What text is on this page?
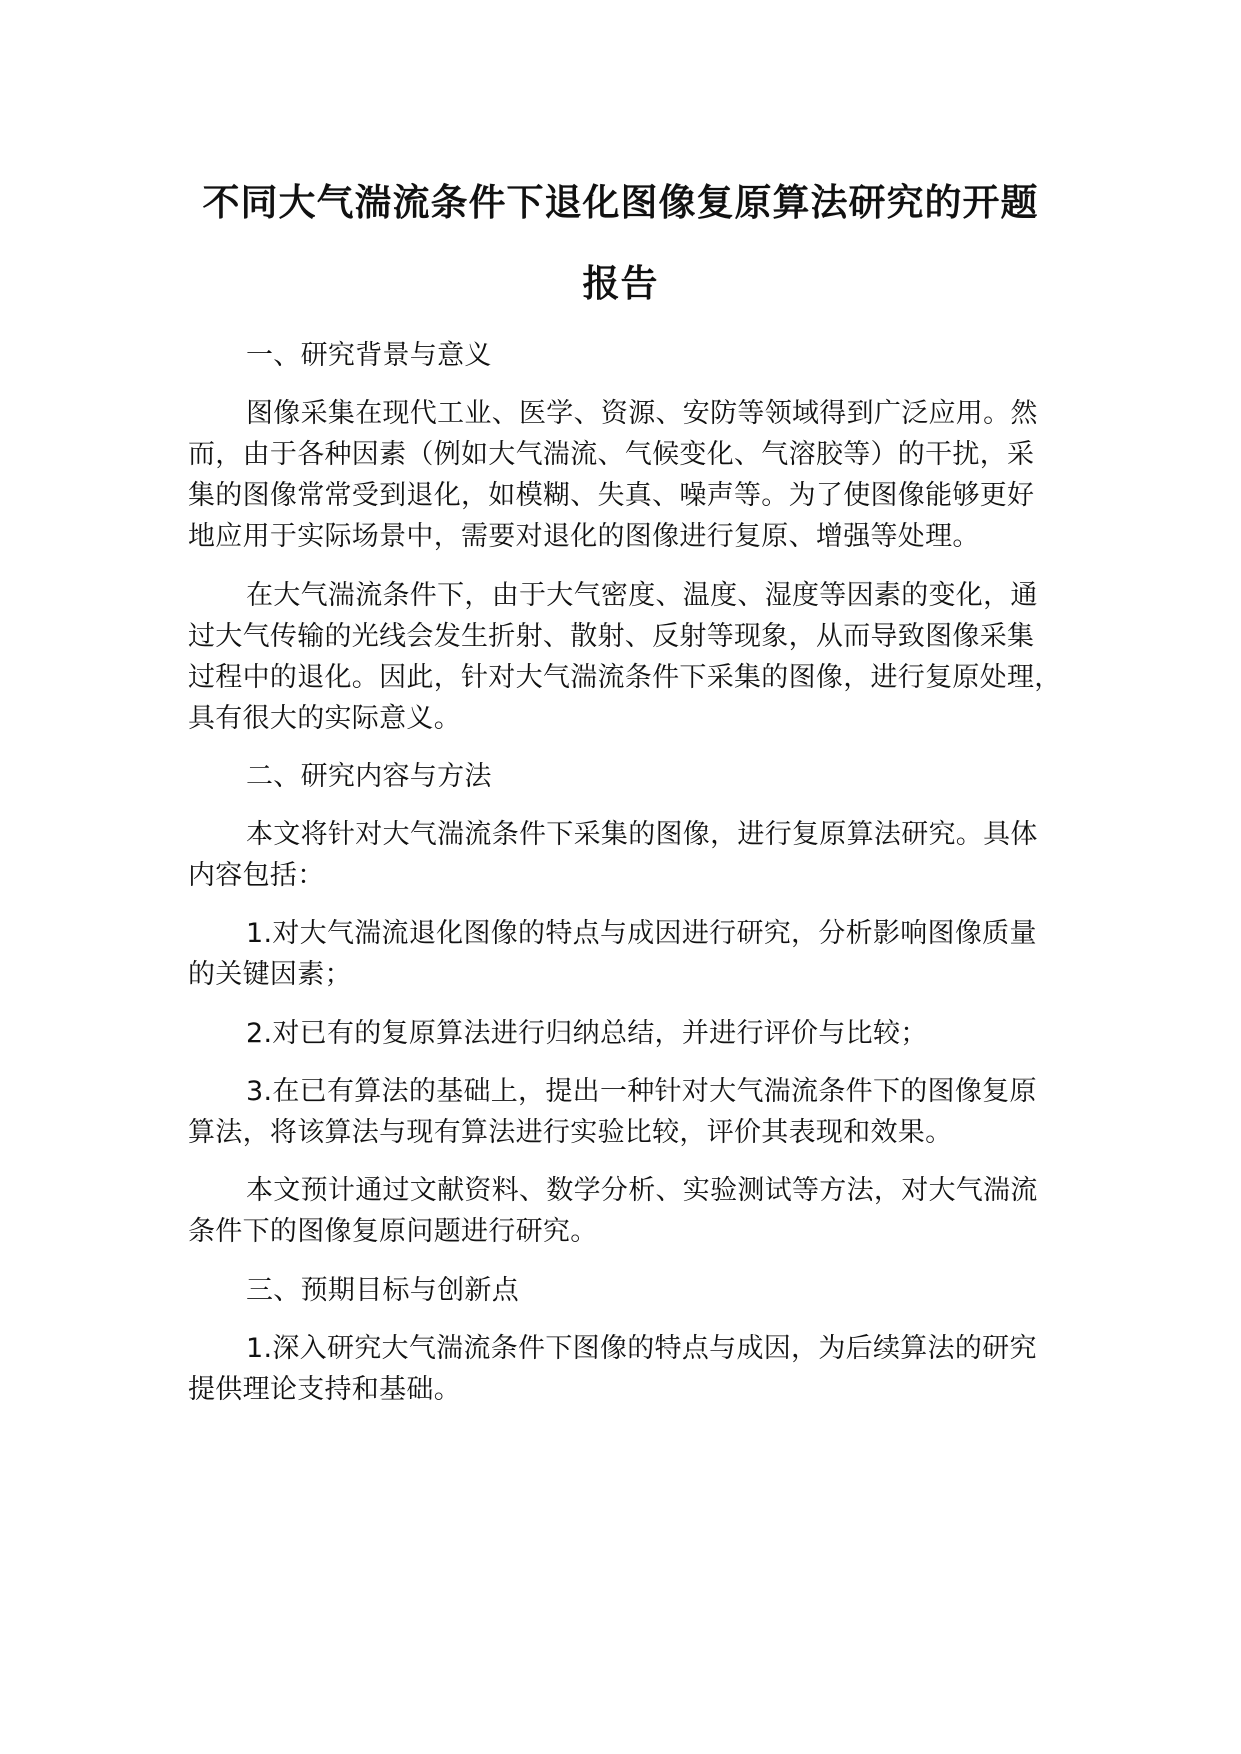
不同大气湍流条件下退化图像复原算法研究的开题
报告
一、研究背景与意义
图像采集在现代工业、医学、资源、安防等领域得到广泛应用。然
而，由于各种因素（例如大气湍流、气候变化、气溶胶等）的干扰，采
集的图像常常受到退化，如模糊、失真、噪声等。为了使图像能够更好
地应用于实际场景中，需要对退化的图像进行复原、增强等处理。
在大气湍流条件下，由于大气密度、温度、湿度等因素的变化，通
过大气传输的光线会发生折射、散射、反射等现象，从而导致图像采集
过程中的退化。因此，针对大气湍流条件下采集的图像，进行复原处理，
具有很大的实际意义。
二、研究内容与方法
本文将针对大气湍流条件下采集的图像，进行复原算法研究。具体
内容包括：
1.对大气湍流退化图像的特点与成因进行研究，分析影响图像质量
的关键因素；
2.对已有的复原算法进行归纳总结，并进行评价与比较；
3.在已有算法的基础上，提出一种针对大气湍流条件下的图像复原
算法，将该算法与现有算法进行实验比较，评价其表现和效果。
本文预计通过文献资料、数学分析、实验测试等方法，对大气湍流
条件下的图像复原问题进行研究。
三、预期目标与创新点
1.深入研究大气湍流条件下图像的特点与成因，为后续算法的研究
提供理论支持和基础。
